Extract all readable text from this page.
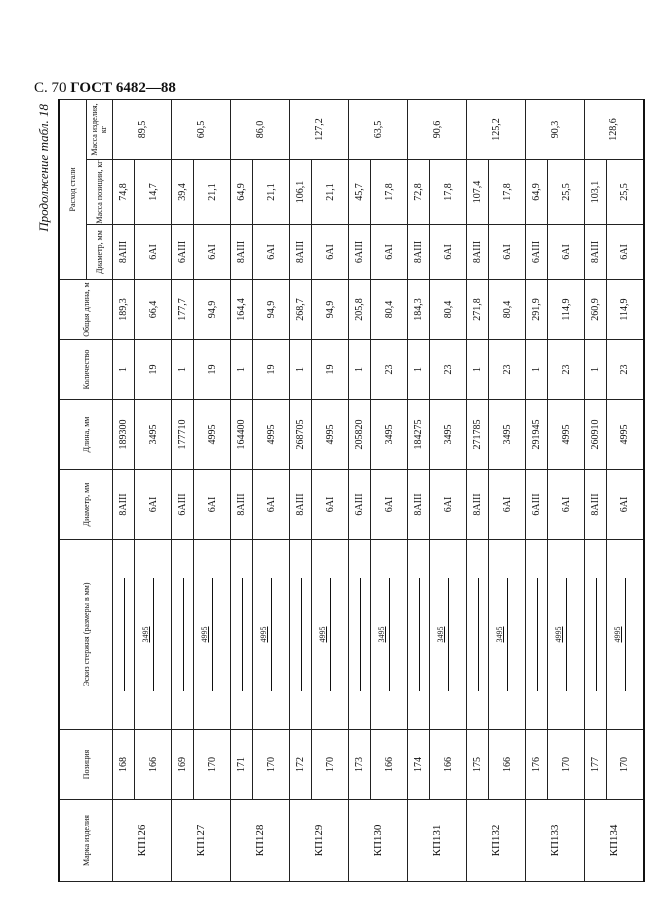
С. 70 ГОСТ 6482—88
Продолжение табл. 18
Марка изделия	Позиция	Эскиз стержня (размеры в мм)	Диаметр, мм	Длина, мм	Количество	Общая длина, м	Расход стали		
							Диаметр, мм	Масса позиции, кг	Масса изделия, кг
КП126	168		8АIII	189300	1	189,3	8АIII	74,8	89,5
	166	3495	6АI	3495	19	66,4	6АI	14,7	
КП127	169		6АIII	177710	1	177,7	6АIII	39,4	60,5
	170	4995	6АI	4995	19	94,9	6АI	21,1	
КП128	171		8АIII	164400	1	164,4	8АIII	64,9	86,0
	170	4995	6АI	4995	19	94,9	6АI	21,1	
КП129	172		8АIII	268705	1	268,7	8АIII	106,1	127,2
	170	4995	6АI	4995	19	94,9	6АI	21,1	
КП130	173		6АIII	205820	1	205,8	6АIII	45,7	63,5
	166	3495	6АI	3495	23	80,4	6АI	17,8	
КП131	174		8АIII	184275	1	184,3	8АIII	72,8	90,6
	166	3495	6АI	3495	23	80,4	6АI	17,8	
КП132	175		8АIII	271785	1	271,8	8АIII	107,4	125,2
	166	3495	6АI	3495	23	80,4	6АI	17,8	
КП133	176		6АIII	291945	1	291,9	6АIII	64,9	90,3
	170	4995	6АI	4995	23	114,9	6АI	25,5	
КП134	177		8АIII	260910	1	260,9	8АIII	103,1	128,6
	170	4995	6АI	4995	23	114,9	6АI	25,5	
